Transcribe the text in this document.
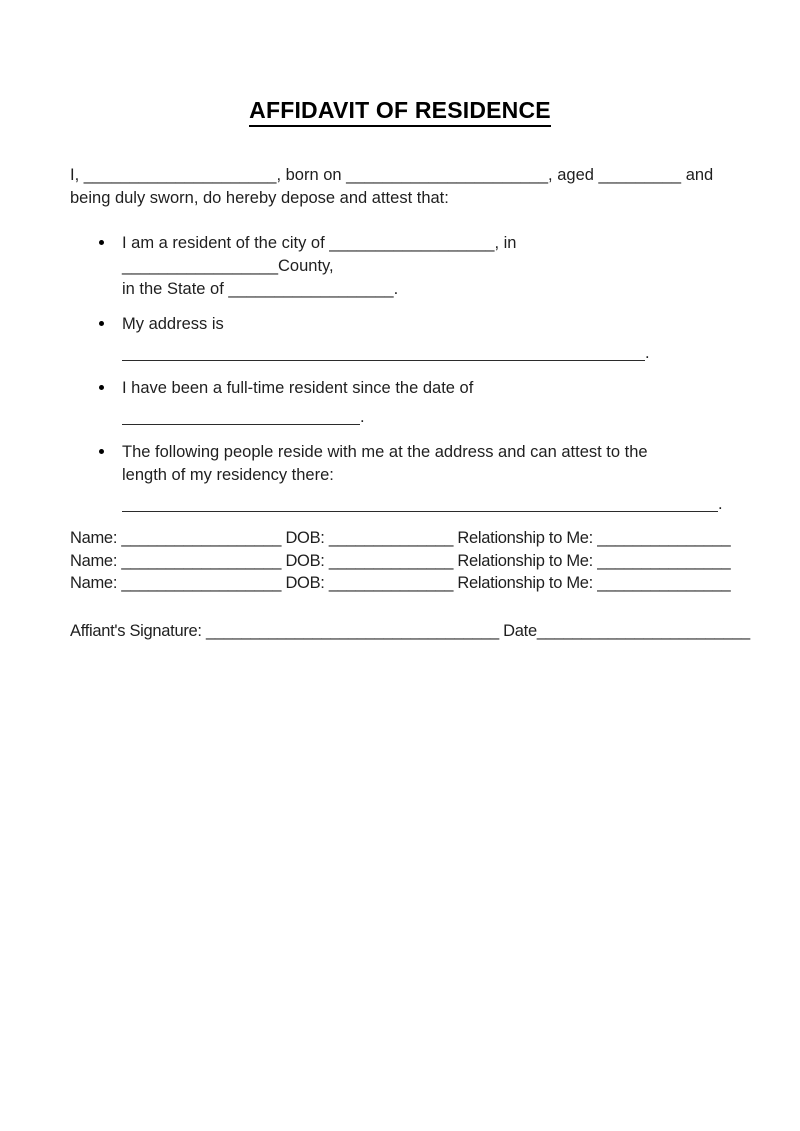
AFFIDAVIT OF RESIDENCE
I, _____________________, born on ______________________, aged _________ and
being duly sworn, do hereby depose and attest that:
I am a resident of the city of __________________, in _________________County,
in the State of __________________.
My address is
.
I have been a full-time resident since the date of
.
The following people reside with me at the address and can attest to the
length of my residency there:
.
Name: __________________ DOB: ______________ Relationship to Me: _______________
Name: __________________ DOB: ______________ Relationship to Me: _______________
Name: __________________ DOB: ______________ Relationship to Me: _______________
Affiant's Signature: _________________________________ Date________________________
